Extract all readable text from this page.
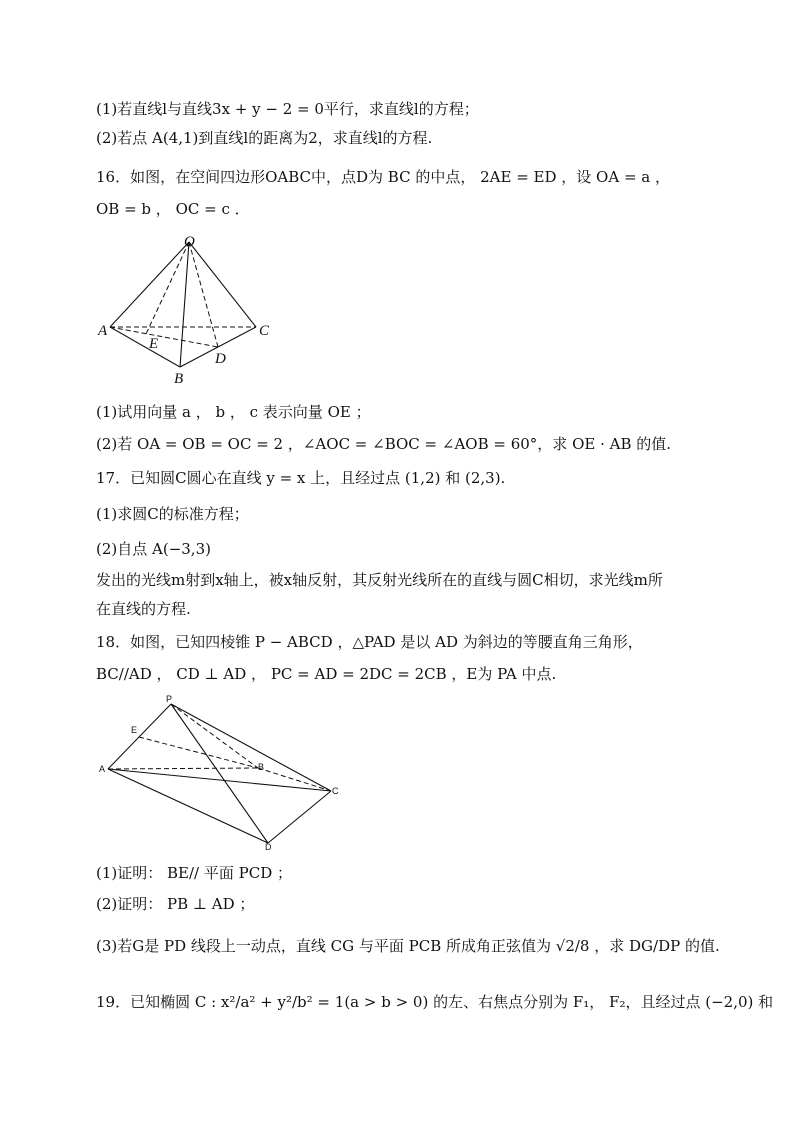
(1)若直线l与直线3x + y − 2 = 0平行，求直线l的方程；
(2)若点 A(4,1)到直线l的距离为2，求直线l的方程.
16．如图，在空间四边形OABC中，点D为 BC 的中点， 2AE = ED ，设 OA = a ，
OB = b ， OC = c ．
O
A	C
E
D
B
(1)试用向量 a ， b ， c 表示向量 OE ；
(2)若 OA = OB = OC = 2 ，∠AOC = ∠BOC = ∠AOB = 60°，求 OE · AB 的值.
17．已知圆C圆心在直线 y = x 上，且经过点 (1,2) 和 (2,3).
(1)求圆C的标准方程；
(2)自点 A(−3,3)
发出的光线m射到x轴上，被x轴反射，其反射光线所在的直线与圆C相切，求光线m所
在直线的方程.
18．如图，已知四棱锥 P − ABCD ，△PAD 是以 AD 为斜边的等腰直角三角形，
BC//AD ， CD ⊥ AD ， PC = AD = 2DC = 2CB ，E为 PA 中点.
P
E
A	B
C
D
(1)证明： BE// 平面 PCD ；
(2)证明： PB ⊥ AD ；
(3)若G是 PD 线段上一动点，直线 CG 与平面 PCB 所成角正弦值为 √2/8 ，求 DG/DP 的值.
19．已知椭圆 C : x²/a² + y²/b² = 1(a > b > 0) 的左、右焦点分别为 F₁， F₂，且经过点 (−2,0) 和
